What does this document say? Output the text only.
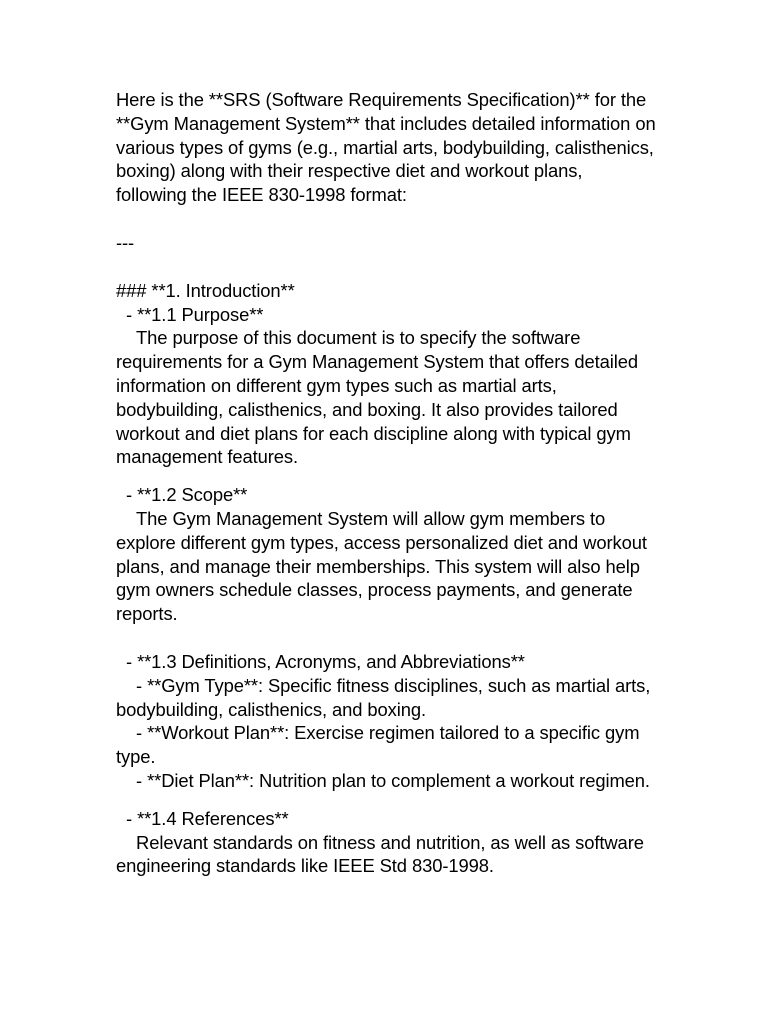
Here is the **SRS (Software Requirements Specification)** for the **Gym Management System** that includes detailed information on various types of gyms (e.g., martial arts, bodybuilding, calisthenics, boxing) along with their respective diet and workout plans, following the IEEE 830-1998 format:

---

### **1. Introduction**

- **1.1 Purpose**

The purpose of this document is to specify the software requirements for a Gym Management System that offers detailed information on different gym types such as martial arts, bodybuilding, calisthenics, and boxing. It also provides tailored workout and diet plans for each discipline along with typical gym management features.

- **1.2 Scope**

The Gym Management System will allow gym members to explore different gym types, access personalized diet and workout plans, and manage their memberships. This system will also help gym owners schedule classes, process payments, and generate reports.

- **1.3 Definitions, Acronyms, and Abbreviations**

- **Gym Type**: Specific fitness disciplines, such as martial arts, bodybuilding, calisthenics, and boxing.

- **Workout Plan**: Exercise regimen tailored to a specific gym type.

- **Diet Plan**: Nutrition plan to complement a workout regimen.

- **1.4 References**

Relevant standards on fitness and nutrition, as well as software engineering standards like IEEE Std 830-1998.
